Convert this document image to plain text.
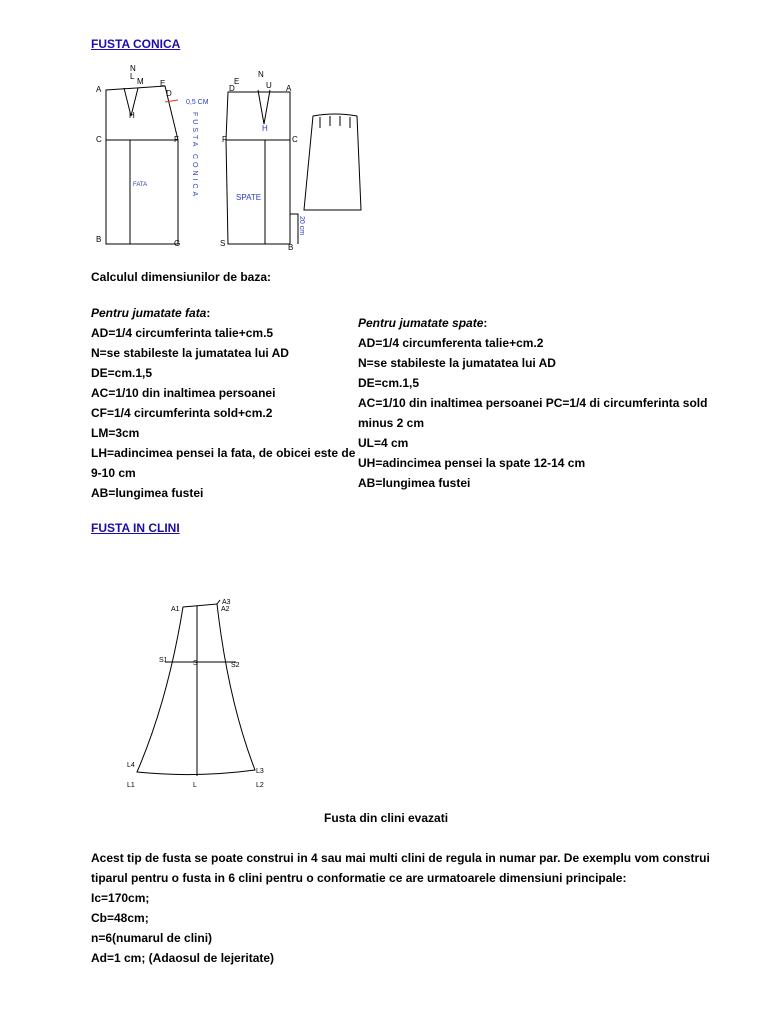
FUSTA CONICA
A
L
N
M E
D
H
C	F
B	G
E
N
D	U A
H
F	C
S	B
FATA
SPATE
0,5 CM
FUSTA CONICA
20 cm
Calculul dimensiunilor de baza:
Pentru jumatate fata:
AD=1/4 circumferinta talie+cm.5
N=se stabileste la jumatatea lui AD
DE=cm.1,5
AC=1/10 din inaltimea persoanei
CF=1/4 circumferinta sold+cm.2
LM=3cm
LH=adincimea pensei la fata, de obicei este de
9-10 cm
AB=lungimea fustei
Pentru jumatate spate:
AD=1/4 circumferenta talie+cm.2
N=se stabileste la jumatatea lui AD
DE=cm.1,5
AC=1/10 din inaltimea persoanei PC=1/4 di circumferinta sold
minus 2 cm
UL=4 cm
UH=adincimea pensei la spate 12-14 cm
AB=lungimea fustei
FUSTA IN CLINI
A3
A1	A2
S1	S	S2
L4
L3
L1	L	L2
Fusta din clini evazati
Acest tip de fusta se poate construi in 4 sau mai multi clini de regula in numar par. De exemplu vom construi
tiparul pentru o fusta in 6 clini pentru o conformatie ce are urmatoarele dimensiuni principale:
Ic=170cm;
Cb=48cm;
n=6(numarul de clini)
Ad=1 cm; (Adaosul de lejeritate)
